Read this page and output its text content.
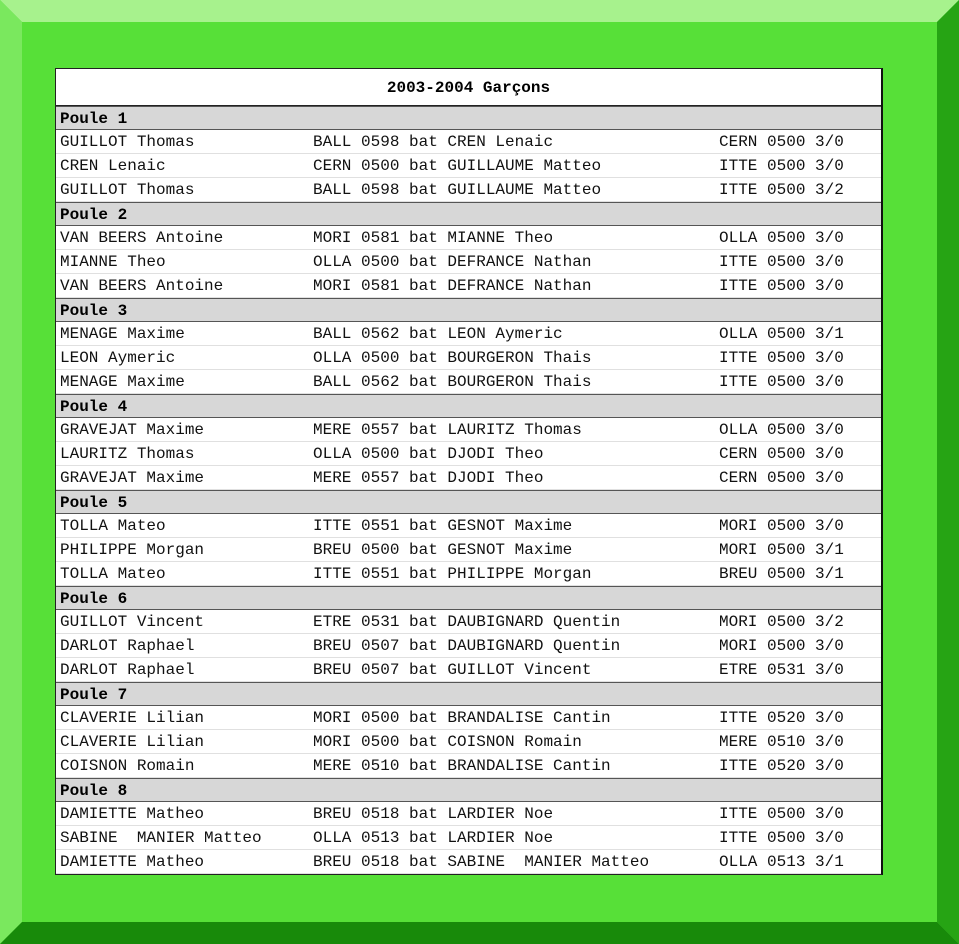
2003-2004 Garçons
Poule 1
GUILLOT Thomas	BALL 0598 bat CREN Lenaic	CERN 0500 3/0
CREN Lenaic	CERN 0500 bat GUILLAUME Matteo	ITTE 0500 3/0
GUILLOT Thomas	BALL 0598 bat GUILLAUME Matteo	ITTE 0500 3/2
Poule 2
VAN BEERS Antoine	MORI 0581 bat MIANNE Theo	OLLA 0500 3/0
MIANNE Theo	OLLA 0500 bat DEFRANCE Nathan	ITTE 0500 3/0
VAN BEERS Antoine	MORI 0581 bat DEFRANCE Nathan	ITTE 0500 3/0
Poule 3
MENAGE Maxime	BALL 0562 bat LEON Aymeric	OLLA 0500 3/1
LEON Aymeric	OLLA 0500 bat BOURGERON Thais	ITTE 0500 3/0
MENAGE Maxime	BALL 0562 bat BOURGERON Thais	ITTE 0500 3/0
Poule 4
GRAVEJAT Maxime	MERE 0557 bat LAURITZ Thomas	OLLA 0500 3/0
LAURITZ Thomas	OLLA 0500 bat DJODI Theo	CERN 0500 3/0
GRAVEJAT Maxime	MERE 0557 bat DJODI Theo	CERN 0500 3/0
Poule 5
TOLLA Mateo	ITTE 0551 bat GESNOT Maxime	MORI 0500 3/0
PHILIPPE Morgan	BREU 0500 bat GESNOT Maxime	MORI 0500 3/1
TOLLA Mateo	ITTE 0551 bat PHILIPPE Morgan	BREU 0500 3/1
Poule 6
GUILLOT Vincent	ETRE 0531 bat DAUBIGNARD Quentin	MORI 0500 3/2
DARLOT Raphael	BREU 0507 bat DAUBIGNARD Quentin	MORI 0500 3/0
DARLOT Raphael	BREU 0507 bat GUILLOT Vincent	ETRE 0531 3/0
Poule 7
CLAVERIE Lilian	MORI 0500 bat BRANDALISE Cantin	ITTE 0520 3/0
CLAVERIE Lilian	MORI 0500 bat COISNON Romain	MERE 0510 3/0
COISNON Romain	MERE 0510 bat BRANDALISE Cantin	ITTE 0520 3/0
Poule 8
DAMIETTE Matheo	BREU 0518 bat LARDIER Noe	ITTE 0500 3/0
SABINE  MANIER Matteo	OLLA 0513 bat LARDIER Noe	ITTE 0500 3/0
DAMIETTE Matheo	BREU 0518 bat SABINE  MANIER Matteo	OLLA 0513 3/1
